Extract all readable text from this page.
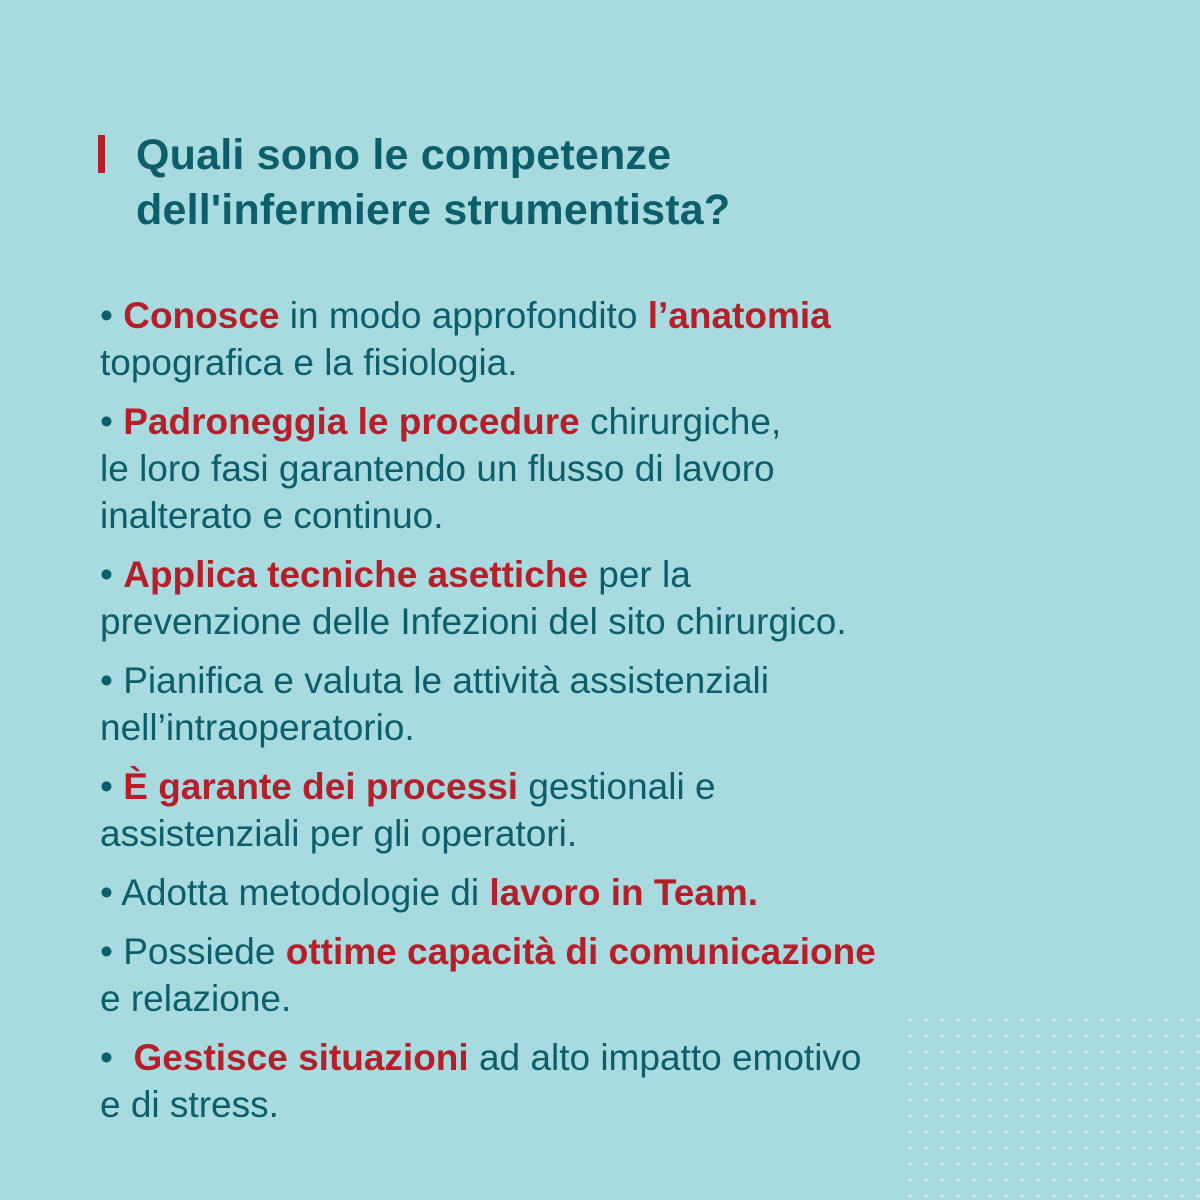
Quali sono le competenze
dell'infermiere strumentista?
• Conosce in modo approfondito l’anatomia
topografica e la fisiologia.
• Padroneggia le procedure chirurgiche,
le loro fasi garantendo un flusso di lavoro
inalterato e continuo.
• Applica tecniche asettiche per la
prevenzione delle Infezioni del sito chirurgico.
• Pianifica e valuta le attività assistenziali
nell’intraoperatorio.
• È garante dei processi gestionali e
assistenziali per gli operatori.
• Adotta metodologie di lavoro in Team.
• Possiede ottime capacità di comunicazione
e relazione.
•  Gestisce situazioni ad alto impatto emotivo
e di stress.
